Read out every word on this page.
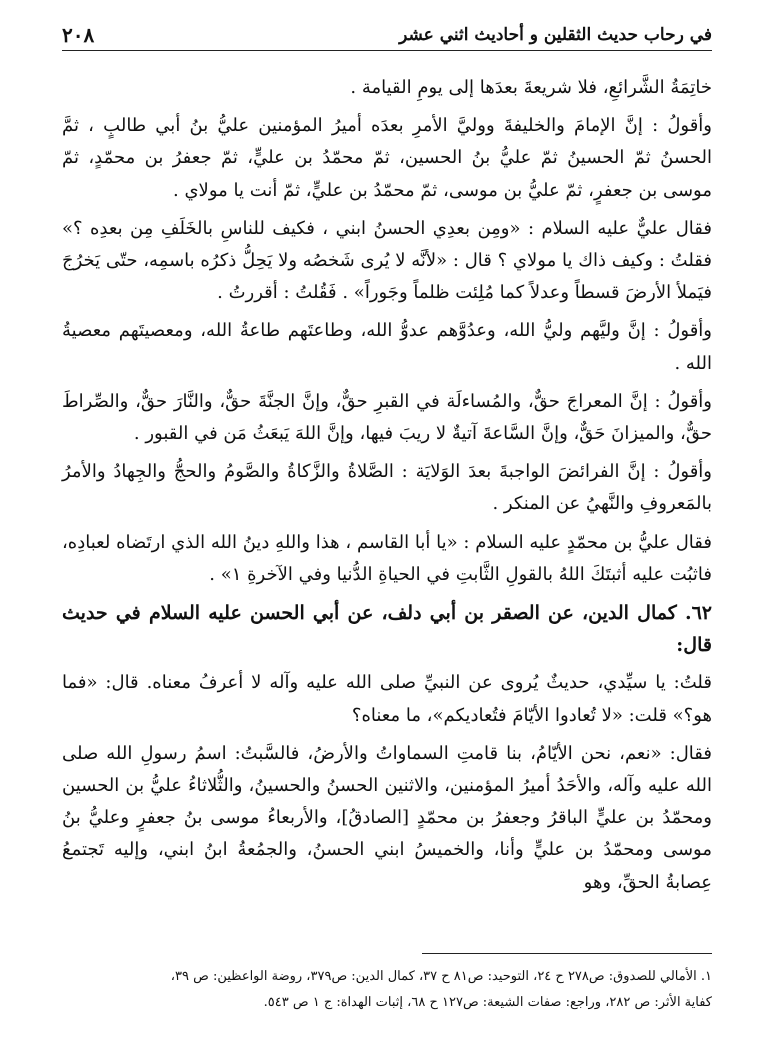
في رحاب حديث الثقلين و أحاديث اثني عشر
٢٠٨

خاتِمَةُ الشَّرائعِ، فلا شريعةَ بعدَها إلى يومِ القيامة .

وأقولُ : إنَّ الإمامَ والخليفةَ ووليَّ الأمرِ بعدَه أميرُ المؤمنين عليُّ بنُ أبي طالبٍ ، ثمَّ الحسنُ ثمّ الحسينُ ثمّ عليُّ بنُ الحسين، ثمّ محمّدُ بن عليٍّ، ثمّ جعفرُ بن محمّدٍ، ثمّ موسى بن جعفرٍ، ثمّ عليُّ بن موسى، ثمّ محمّدُ بن عليٍّ، ثمّ أنت يا مولاي .

فقال عليٌّ عليه السلام : «ومِن بعدِي الحسنُ ابني ، فكيف للناسِ بالخَلَفِ مِن بعدِه ؟» فقلتُ : وكيف ذاك يا مولاي ؟ قال : «لأنَّه لا يُرى شَخصُه ولا يَحِلُّ ذكرُه باسمِه، حتّى يَخرُجَ فيَملأ الأرضَ قسطاً وعدلاً كما مُلِئت ظلماً وجَوراً» . فَقُلتُ : أقررتُ .

وأقولُ : إنَّ وليَّهم وليُّ الله، وعدُوَّهم عدوُّ الله، وطاعتَهم طاعةُ الله، ومعصيتَهم معصيةُ الله .

وأقولُ : إنَّ المعراجَ حقٌّ، والمُساءلَة في القبرِ حقٌّ، وإنَّ الجنَّةَ حقٌّ، والنَّارَ حقٌّ، والصِّراطَ حقٌّ، والميزانَ حَقٌّ، وإنَّ السَّاعةَ آتيةٌ لا ريبَ فيها، وإنَّ اللهَ يَبعَثُ مَن في القبور .

وأقولُ : إنَّ الفرائضَ الواجبةَ بعدَ الوَلايَة : الصَّلاةُ والزَّكاةُ والصَّومُ والحجُّ والجِهادُ والأمرُ بالمَعروفِ والنَّهيُ عن المنكر .

فقال عليُّ بن محمّدٍ عليه السلام : «يا أبا القاسم ، هذا واللهِ دينُ الله الذي ارتَضاه لعبادِه، فاثبُت عليه أثبتَكَ اللهُ بالقولِ الثَّابتِ في الحياةِ الدُّنيا وفي الآخرةِ ١» .

٦٢. كمال الدين، عن الصقر بن أبي دلف، عن أبي الحسن عليه السلام في حديث قال:

قلتُ: يا سيِّدي، حديثٌ يُروى عن النبيِّ صلى الله عليه وآله لا أعرفُ معناه. قال: «فما هو؟» قلت: «لا تُعادوا الأيّامَ فتُعاديكم»، ما معناه؟

فقال: «نعم، نحن الأيّامُ، بنا قامتِ السماواتُ والأرضُ، فالسَّبتُ: اسمُ رسولِ الله صلى الله عليه وآله، والأحَدُ أميرُ المؤمنين، والاثنين الحسنُ والحسينُ، والثُّلاثاءُ عليُّ بن الحسين ومحمّدُ بن عليٍّ الباقرُ وجعفرُ بن محمّدٍ [الصادقُ]، والأربعاءُ موسى بنُ جعفرٍ وعليُّ بنُ موسى ومحمّدُ بن عليٍّ وأنا، والخميسُ ابني الحسنُ، والجمُعةُ ابنُ ابني، وإليه تَجتمعُ عِصابةُ الحقِّ، وهو

١. الأمالي للصدوق: ص٢٧٨ ح ٢٤، التوحيد: ص٨١ ح ٣٧، كمال الدين: ص٣٧٩، روضة الواعظين: ص ٣٩،

كفاية الأثر: ص ٢٨٢، وراجع: صفات الشيعة: ص١٢٧ ح ٦٨، إثبات الهداة: ج ١ ص ٥٤٣.
